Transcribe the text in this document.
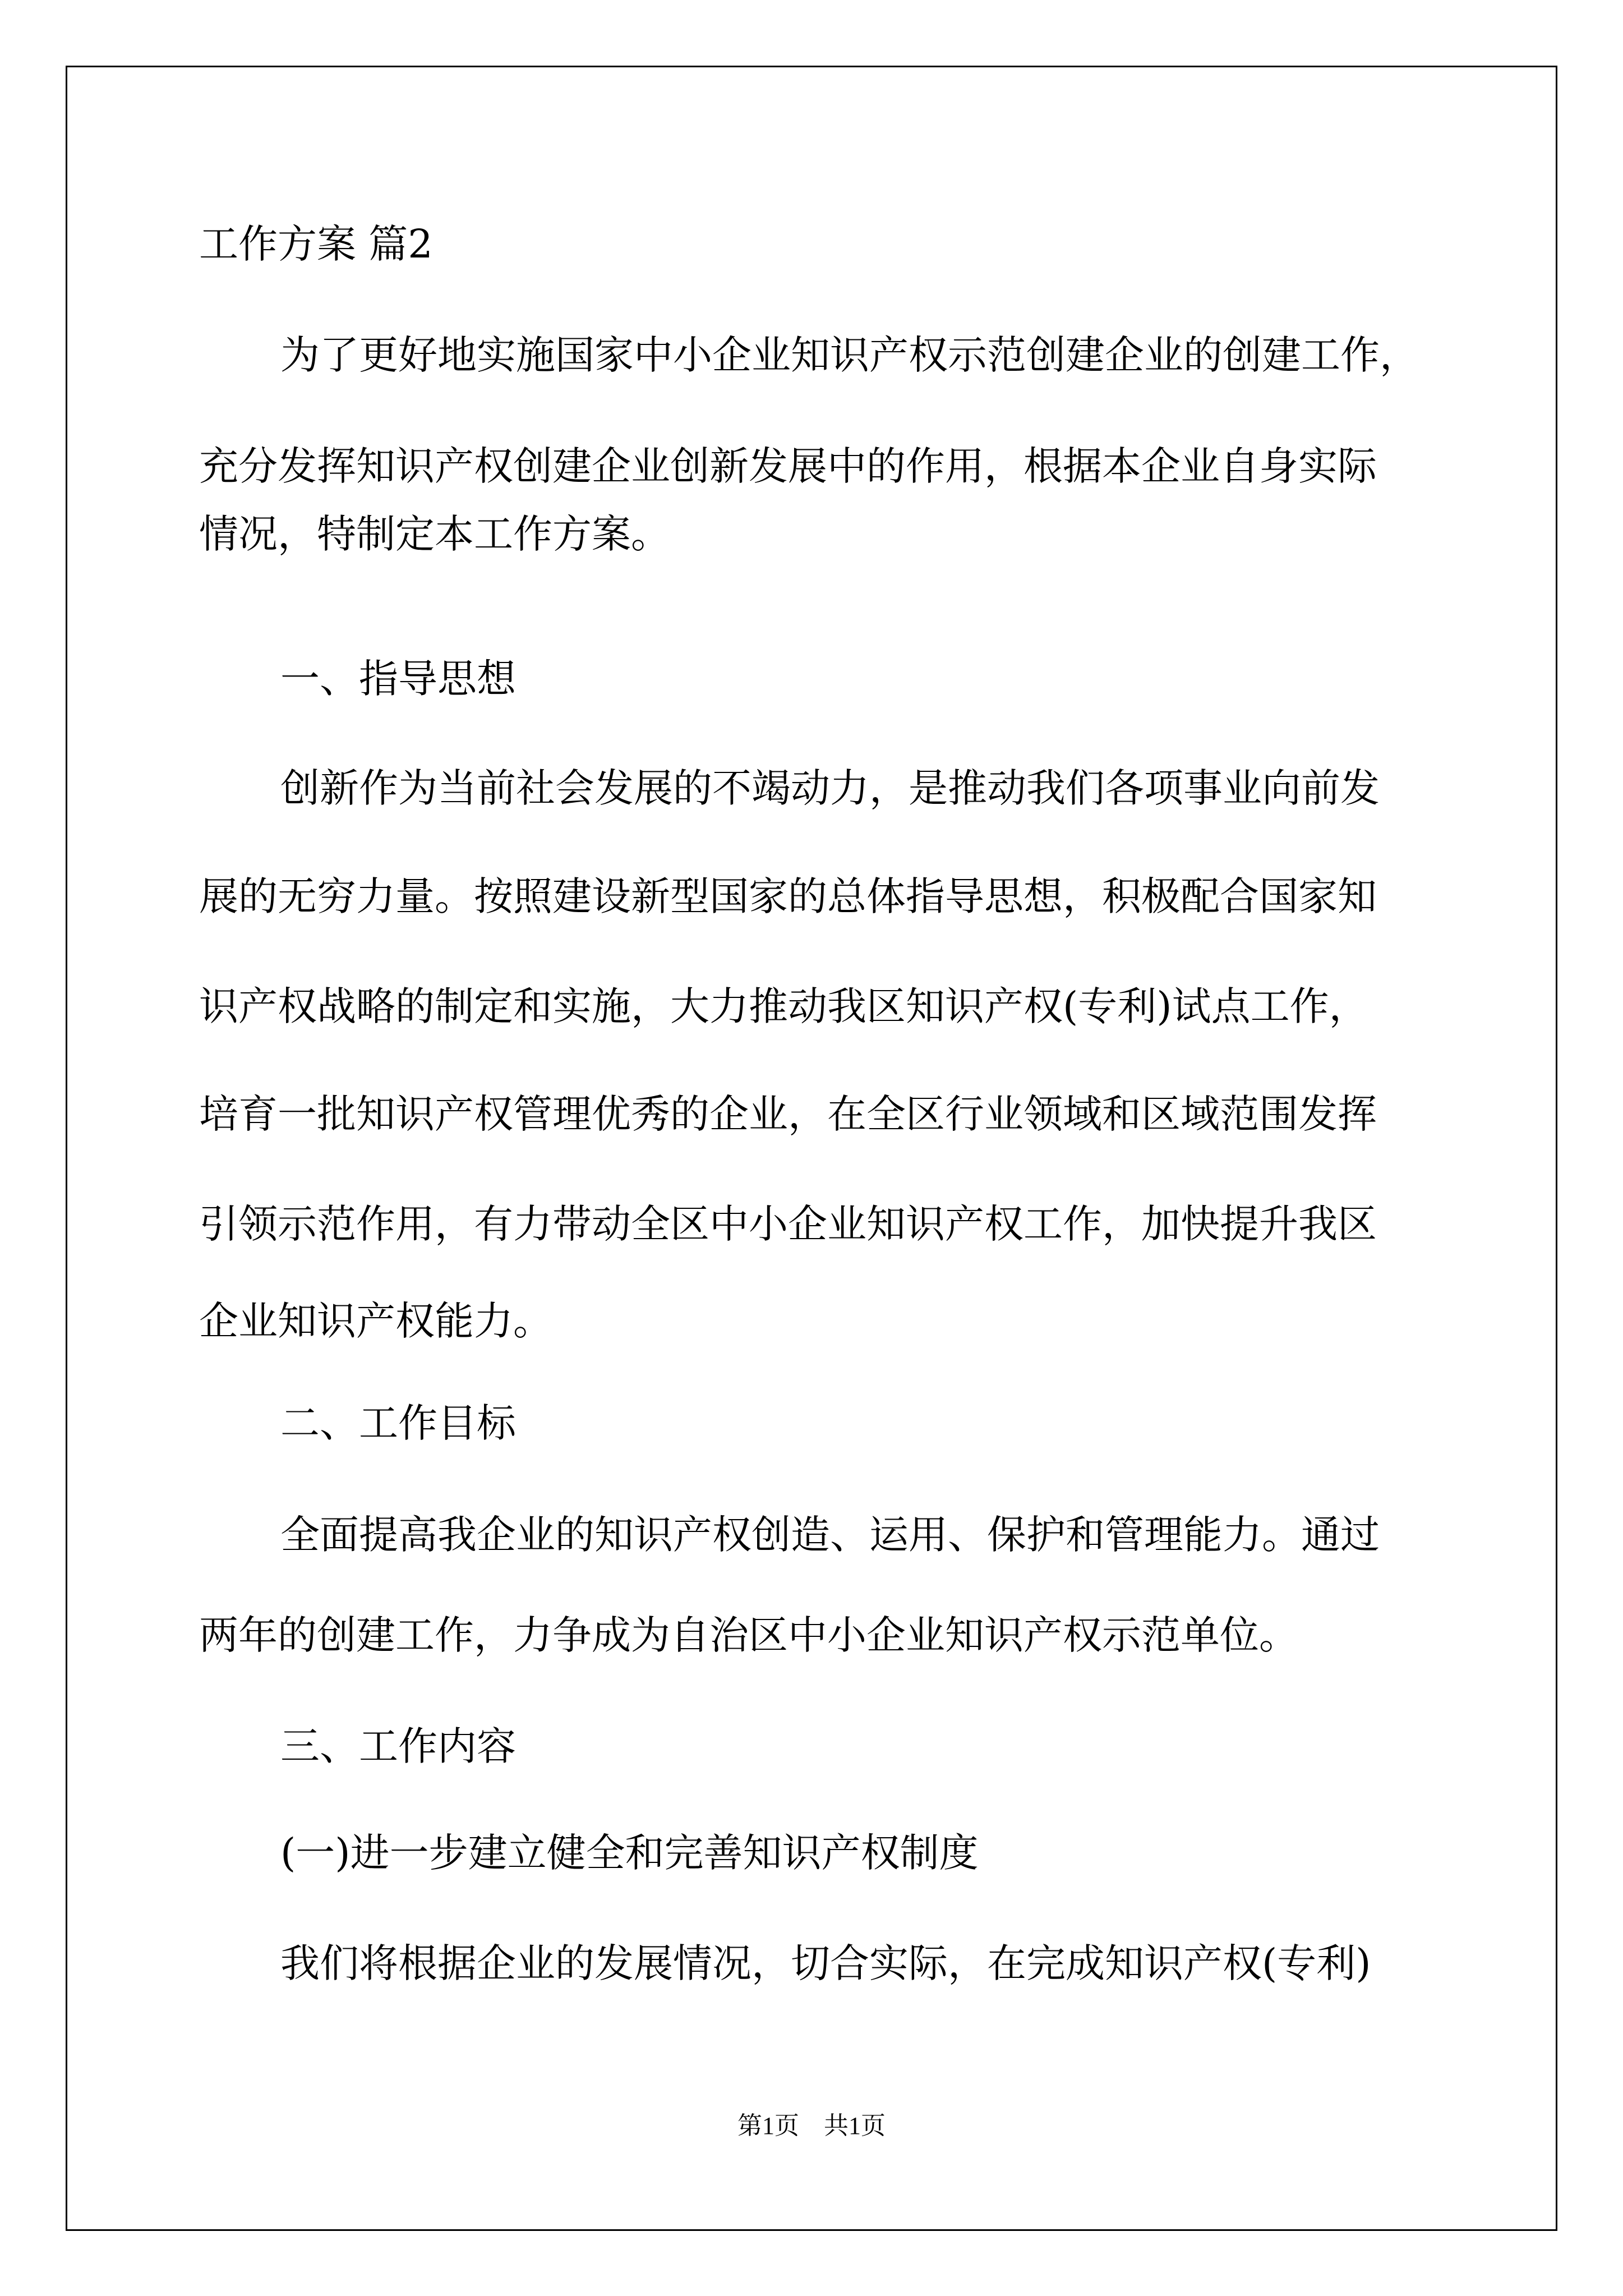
工作方案 篇2
为了更好地实施国家中小企业知识产权示范创建企业的创建工作，
充分发挥知识产权创建企业创新发展中的作用，根据本企业自身实际
情况，特制定本工作方案。
一、指导思想
创新作为当前社会发展的不竭动力，是推动我们各项事业向前发
展的无穷力量。按照建设新型国家的总体指导思想，积极配合国家知
识产权战略的制定和实施，大力推动我区知识产权(专利)试点工作，
培育一批知识产权管理优秀的企业，在全区行业领域和区域范围发挥
引领示范作用，有力带动全区中小企业知识产权工作，加快提升我区
企业知识产权能力。
二、工作目标
全面提高我企业的知识产权创造、运用、保护和管理能力。通过
两年的创建工作，力争成为自治区中小企业知识产权示范单位。
三、工作内容
(一)进一步建立健全和完善知识产权制度
我们将根据企业的发展情况，切合实际，在完成知识产权(专利)
第1页　共1页
